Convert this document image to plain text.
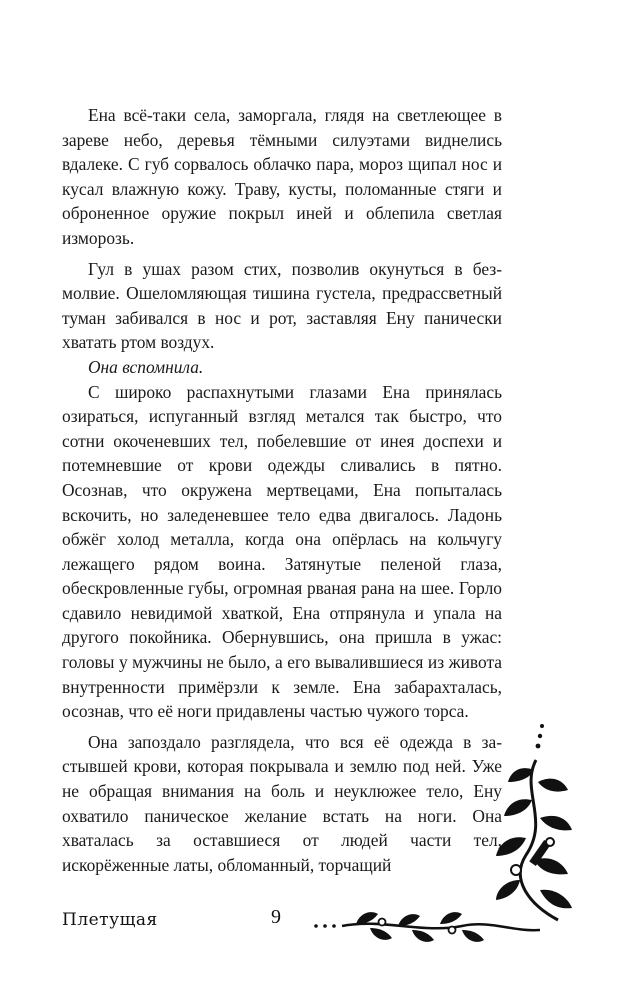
Ена всё-таки села, заморгала, глядя на светлеющее в зареве небо, деревья тёмными силуэтами виднелись вдалеке. С губ сорвалось облачко пара, мороз щипал нос и кусал влажную кожу. Траву, кусты, поломанные стяги и оброненное оружие покрыл иней и облепила светлая изморозь.

Гул в ушах разом стих, позволив окунуться в безмолвие. Ошеломляющая тишина густела, предрассветный туман забивался в нос и рот, заставляя Ену панически хватать ртом воздух.

Она вспомнила.

С широко распахнутыми глазами Ена принялась озираться, испуганный взгляд метался так быстро, что сотни окоченевших тел, побелевшие от инея доспехи и потемневшие от крови одежды сливались в пятно. Осознав, что окружена мертвецами, Ена попыталась вскочить, но заледеневшее тело едва двигалось. Ладонь обжёг холод металла, когда она опёрлась на кольчугу лежащего рядом воина. Затянутые пеленой глаза, обескровленные губы, огромная рваная рана на шее. Горло сдавило невидимой хваткой, Ена отпрянула и упала на другого покойника. Обернувшись, она пришла в ужас: головы у мужчины не было, а его вывалившиеся из живота внутренности примёрзли к земле. Ена забарахталась, осознав, что её ноги придавлены частью чужого торса.

Она запоздало разглядела, что вся её одежда в застывшей крови, которая покрывала и землю под ней. Уже не обращая внимания на боль и неуклюжее тело, Ену охватило паническое желание встать на ноги. Она хваталась за оставшиеся от людей части тел, искорёженные латы, обломанный, торчащий

Плетущая	9
